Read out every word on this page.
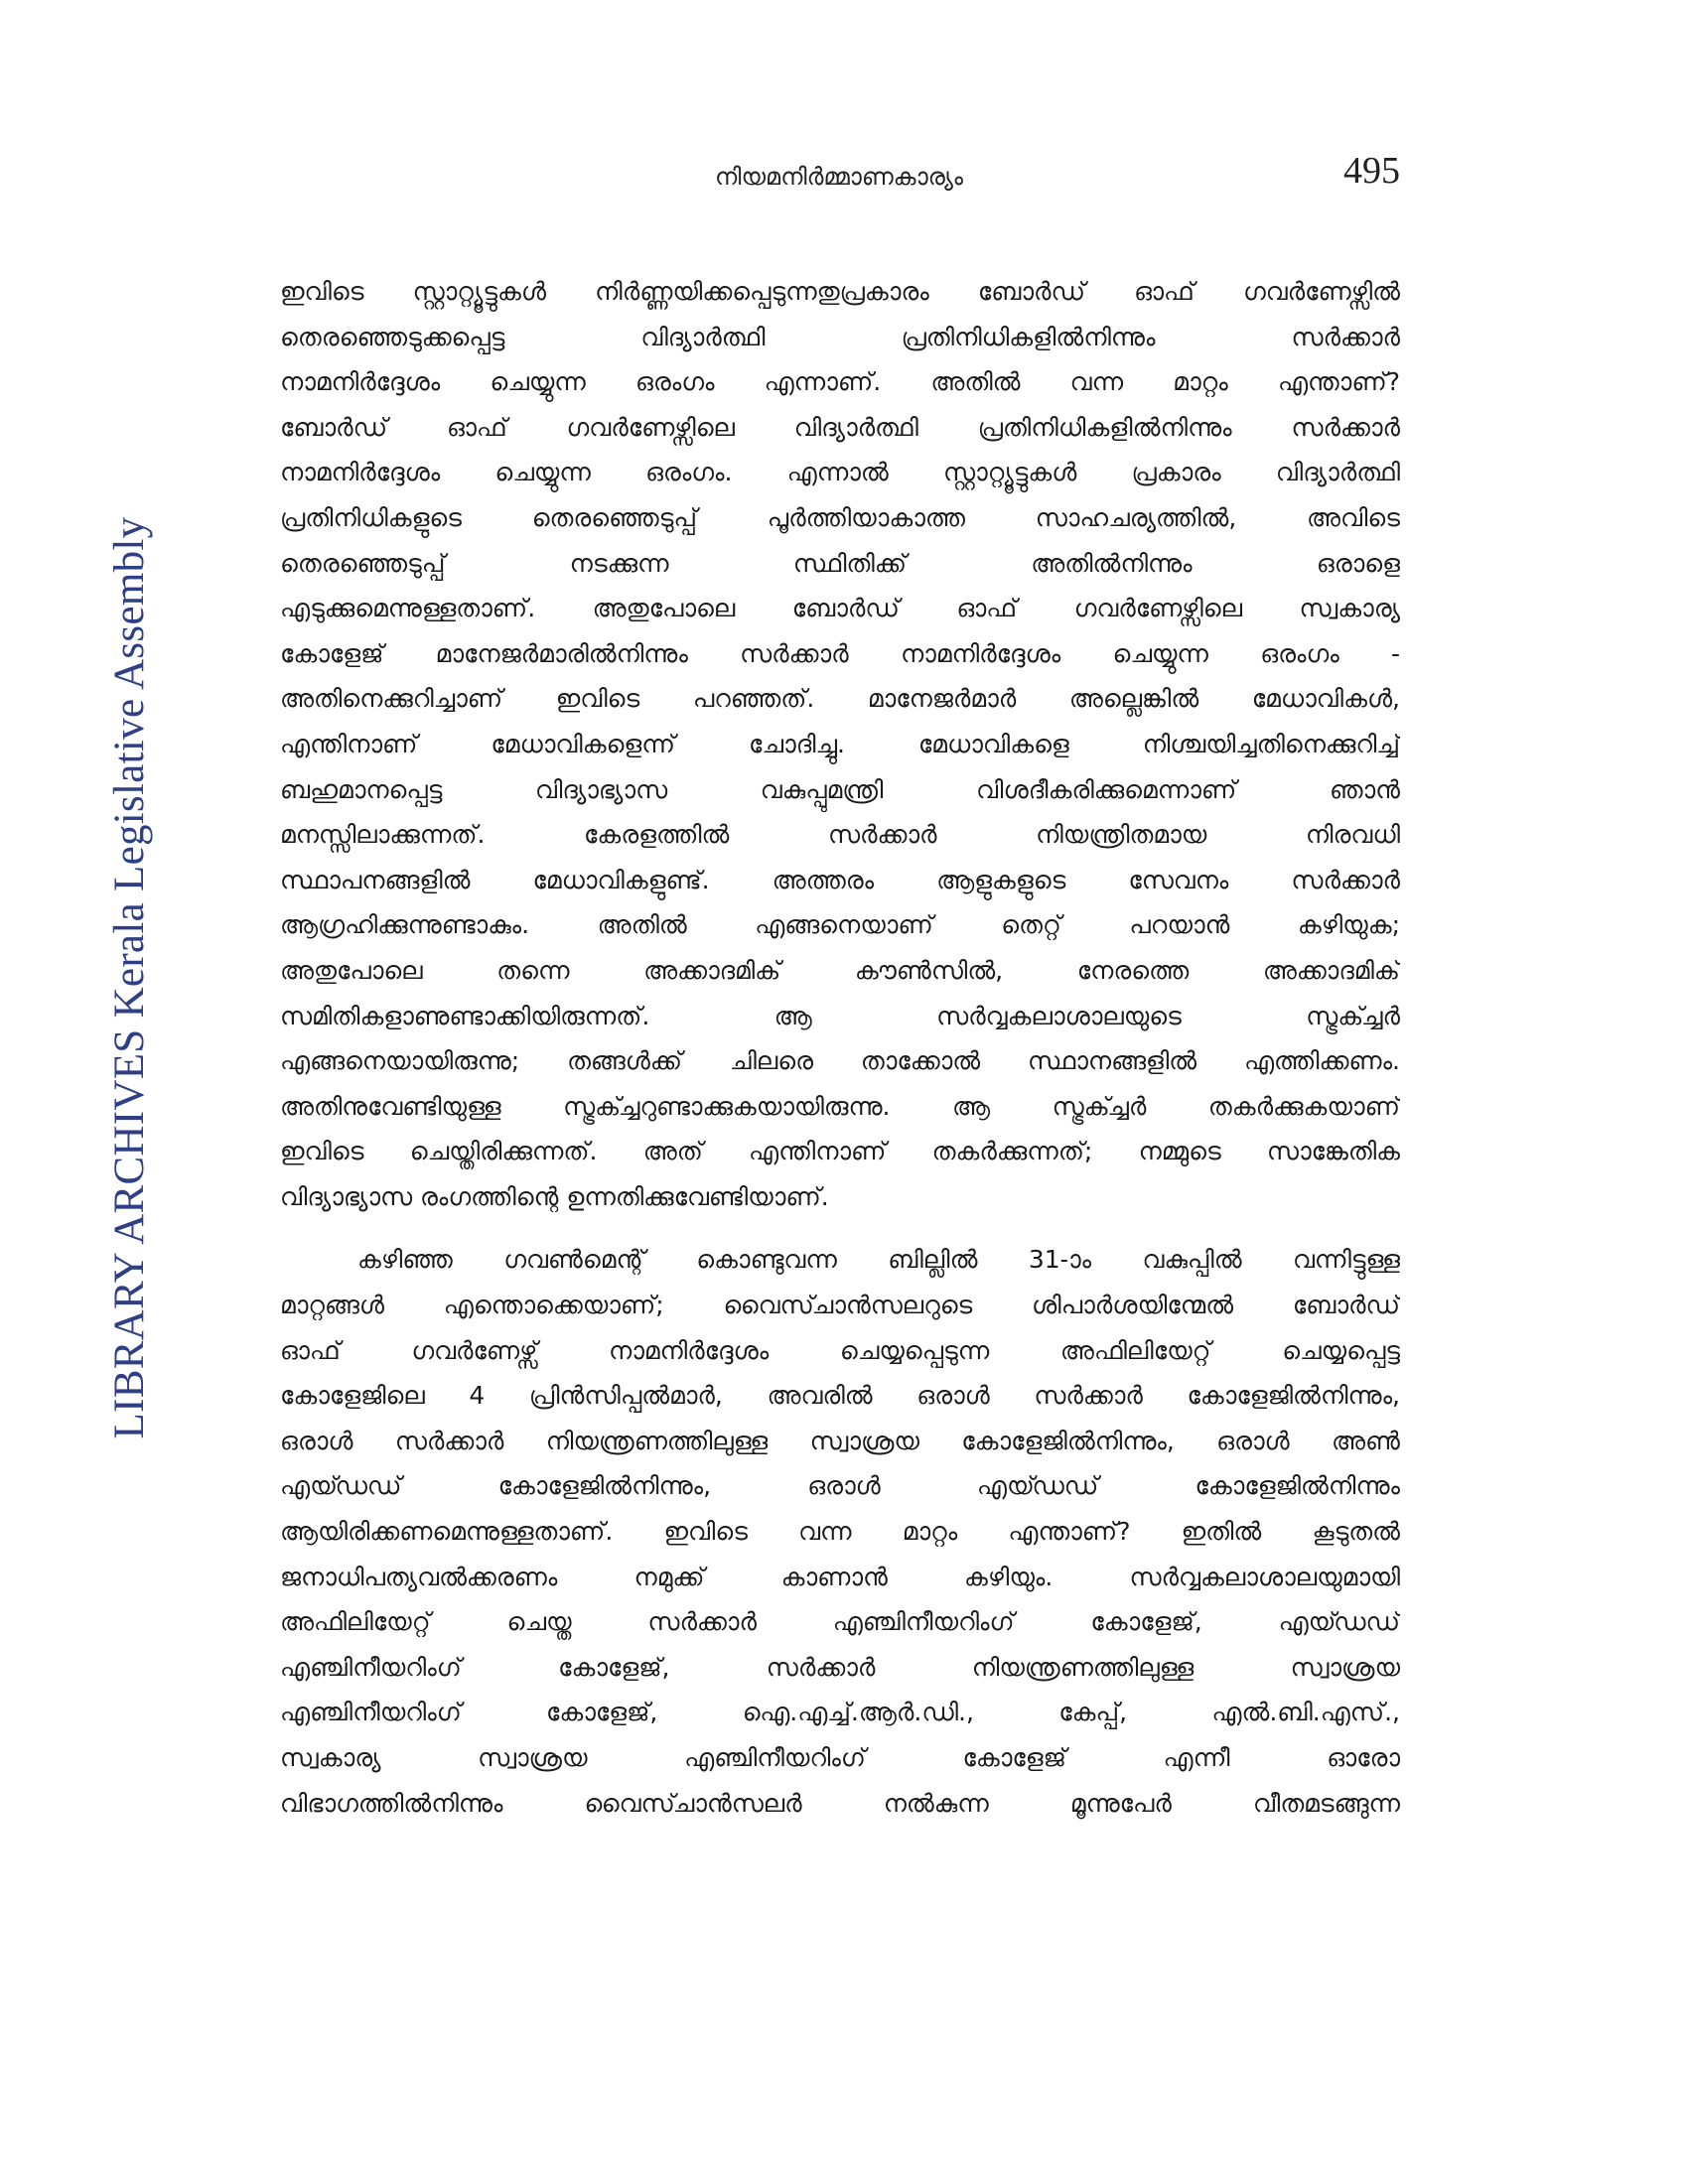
നിയമനിർമ്മാണകാര്യം	495
LIBRARY ARCHIVES Kerala Legislative Assembly
ഇവിടെ സ്റ്റാറ്റ്യൂട്ടുകൾ നിർണ്ണയിക്കപ്പെടുന്നതുപ്രകാരം ബോർഡ് ഓഫ് ഗവർണേഴ്സിൽ
തെരഞ്ഞെടുക്കപ്പെട്ട വിദ്യാർത്ഥി പ്രതിനിധികളിൽനിന്നും സർക്കാർ
നാമനിർദ്ദേശം ചെയ്യുന്ന ഒരംഗം എന്നാണ്. അതിൽ വന്ന മാറ്റം എന്താണ്?
ബോർഡ് ഓഫ് ഗവർണേഴ്സിലെ വിദ്യാർത്ഥി പ്രതിനിധികളിൽനിന്നും സർക്കാർ
നാമനിർദ്ദേശം ചെയ്യുന്ന ഒരംഗം. എന്നാൽ സ്റ്റാറ്റ്യൂട്ടുകൾ പ്രകാരം വിദ്യാർത്ഥി
പ്രതിനിധികളുടെ തെരഞ്ഞെടുപ്പ് പൂർത്തിയാകാത്ത സാഹചര്യത്തിൽ, അവിടെ
തെരഞ്ഞെടുപ്പ് നടക്കുന്ന സ്ഥിതിക്ക് അതിൽനിന്നും ഒരാളെ
എടുക്കുമെന്നുള്ളതാണ്. അതുപോലെ ബോർഡ് ഓഫ് ഗവർണേഴ്സിലെ സ്വകാര്യ
കോളേജ് മാനേജർമാരിൽനിന്നും സർക്കാർ നാമനിർദ്ദേശം ചെയ്യുന്ന ഒരംഗം -
അതിനെക്കുറിച്ചാണ് ഇവിടെ പറഞ്ഞത്. മാനേജർമാർ അല്ലെങ്കിൽ മേധാവികൾ,
എന്തിനാണ് മേധാവികളെന്ന് ചോദിച്ചു. മേധാവികളെ നിശ്ചയിച്ചതിനെക്കുറിച്ച്
ബഹുമാനപ്പെട്ട വിദ്യാഭ്യാസ വകുപ്പുമന്ത്രി വിശദീകരിക്കുമെന്നാണ് ഞാൻ
മനസ്സിലാക്കുന്നത്. കേരളത്തിൽ സർക്കാർ നിയന്ത്രിതമായ നിരവധി
സ്ഥാപനങ്ങളിൽ മേധാവികളുണ്ട്. അത്തരം ആളുകളുടെ സേവനം സർക്കാർ
ആഗ്രഹിക്കുന്നുണ്ടാകും. അതിൽ എങ്ങനെയാണ് തെറ്റ് പറയാൻ കഴിയുക;
അതുപോലെ തന്നെ അക്കാദമിക് കൗൺസിൽ, നേരത്തെ അക്കാദമിക്
സമിതികളാണുണ്ടാക്കിയിരുന്നത്. ആ സർവ്വകലാശാലയുടെ സ്ട്രക്ച്ചർ
എങ്ങനെയായിരുന്നു; തങ്ങൾക്ക് ചിലരെ താക്കോൽ സ്ഥാനങ്ങളിൽ എത്തിക്കണം.
അതിനുവേണ്ടിയുള്ള സ്ട്രക്ച്ചറുണ്ടാക്കുകയായിരുന്നു. ആ സ്ട്രക്ച്ചർ തകർക്കുകയാണ്
ഇവിടെ ചെയ്തിരിക്കുന്നത്. അത് എന്തിനാണ് തകർക്കുന്നത്; നമ്മുടെ സാങ്കേതിക
വിദ്യാഭ്യാസ രംഗത്തിന്റെ ഉന്നതിക്കുവേണ്ടിയാണ്.
കഴിഞ്ഞ ഗവൺമെന്റ് കൊണ്ടുവന്ന ബില്ലിൽ 31-ാം വകുപ്പിൽ വന്നിട്ടുള്ള
മാറ്റങ്ങൾ എന്തൊക്കെയാണ്; വൈസ്ചാൻസലറുടെ ശിപാർശയിന്മേൽ ബോർഡ്
ഓഫ് ഗവർണേഴ്സ് നാമനിർദ്ദേശം ചെയ്യപ്പെടുന്ന അഫിലിയേറ്റ് ചെയ്യപ്പെട്ട
കോളേജിലെ 4 പ്രിൻസിപ്പൽമാർ, അവരിൽ ഒരാൾ സർക്കാർ കോളേജിൽനിന്നും,
ഒരാൾ സർക്കാർ നിയന്ത്രണത്തിലുള്ള സ്വാശ്രയ കോളേജിൽനിന്നും, ഒരാൾ അൺ
എയ്ഡഡ് കോളേജിൽനിന്നും, ഒരാൾ എയ്ഡഡ് കോളേജിൽനിന്നും
ആയിരിക്കണമെന്നുള്ളതാണ്. ഇവിടെ വന്ന മാറ്റം എന്താണ്? ഇതിൽ കൂടുതൽ
ജനാധിപത്യവൽക്കരണം നമുക്ക് കാണാൻ കഴിയും. സർവ്വകലാശാലയുമായി
അഫിലിയേറ്റ് ചെയ്ത സർക്കാർ എഞ്ചിനീയറിംഗ് കോളേജ്, എയ്ഡഡ്
എഞ്ചിനീയറിംഗ് കോളേജ്, സർക്കാർ നിയന്ത്രണത്തിലുള്ള സ്വാശ്രയ
എഞ്ചിനീയറിംഗ് കോളേജ്, ഐ.എച്ച്.ആർ.ഡി., കേപ്പ്, എൽ.ബി.എസ്.,
സ്വകാര്യ സ്വാശ്രയ എഞ്ചിനീയറിംഗ് കോളേജ് എന്നീ ഓരോ
വിഭാഗത്തിൽനിന്നും വൈസ്ചാൻസലർ നൽകുന്ന മൂന്നുപേർ വീതമടങ്ങുന്ന
